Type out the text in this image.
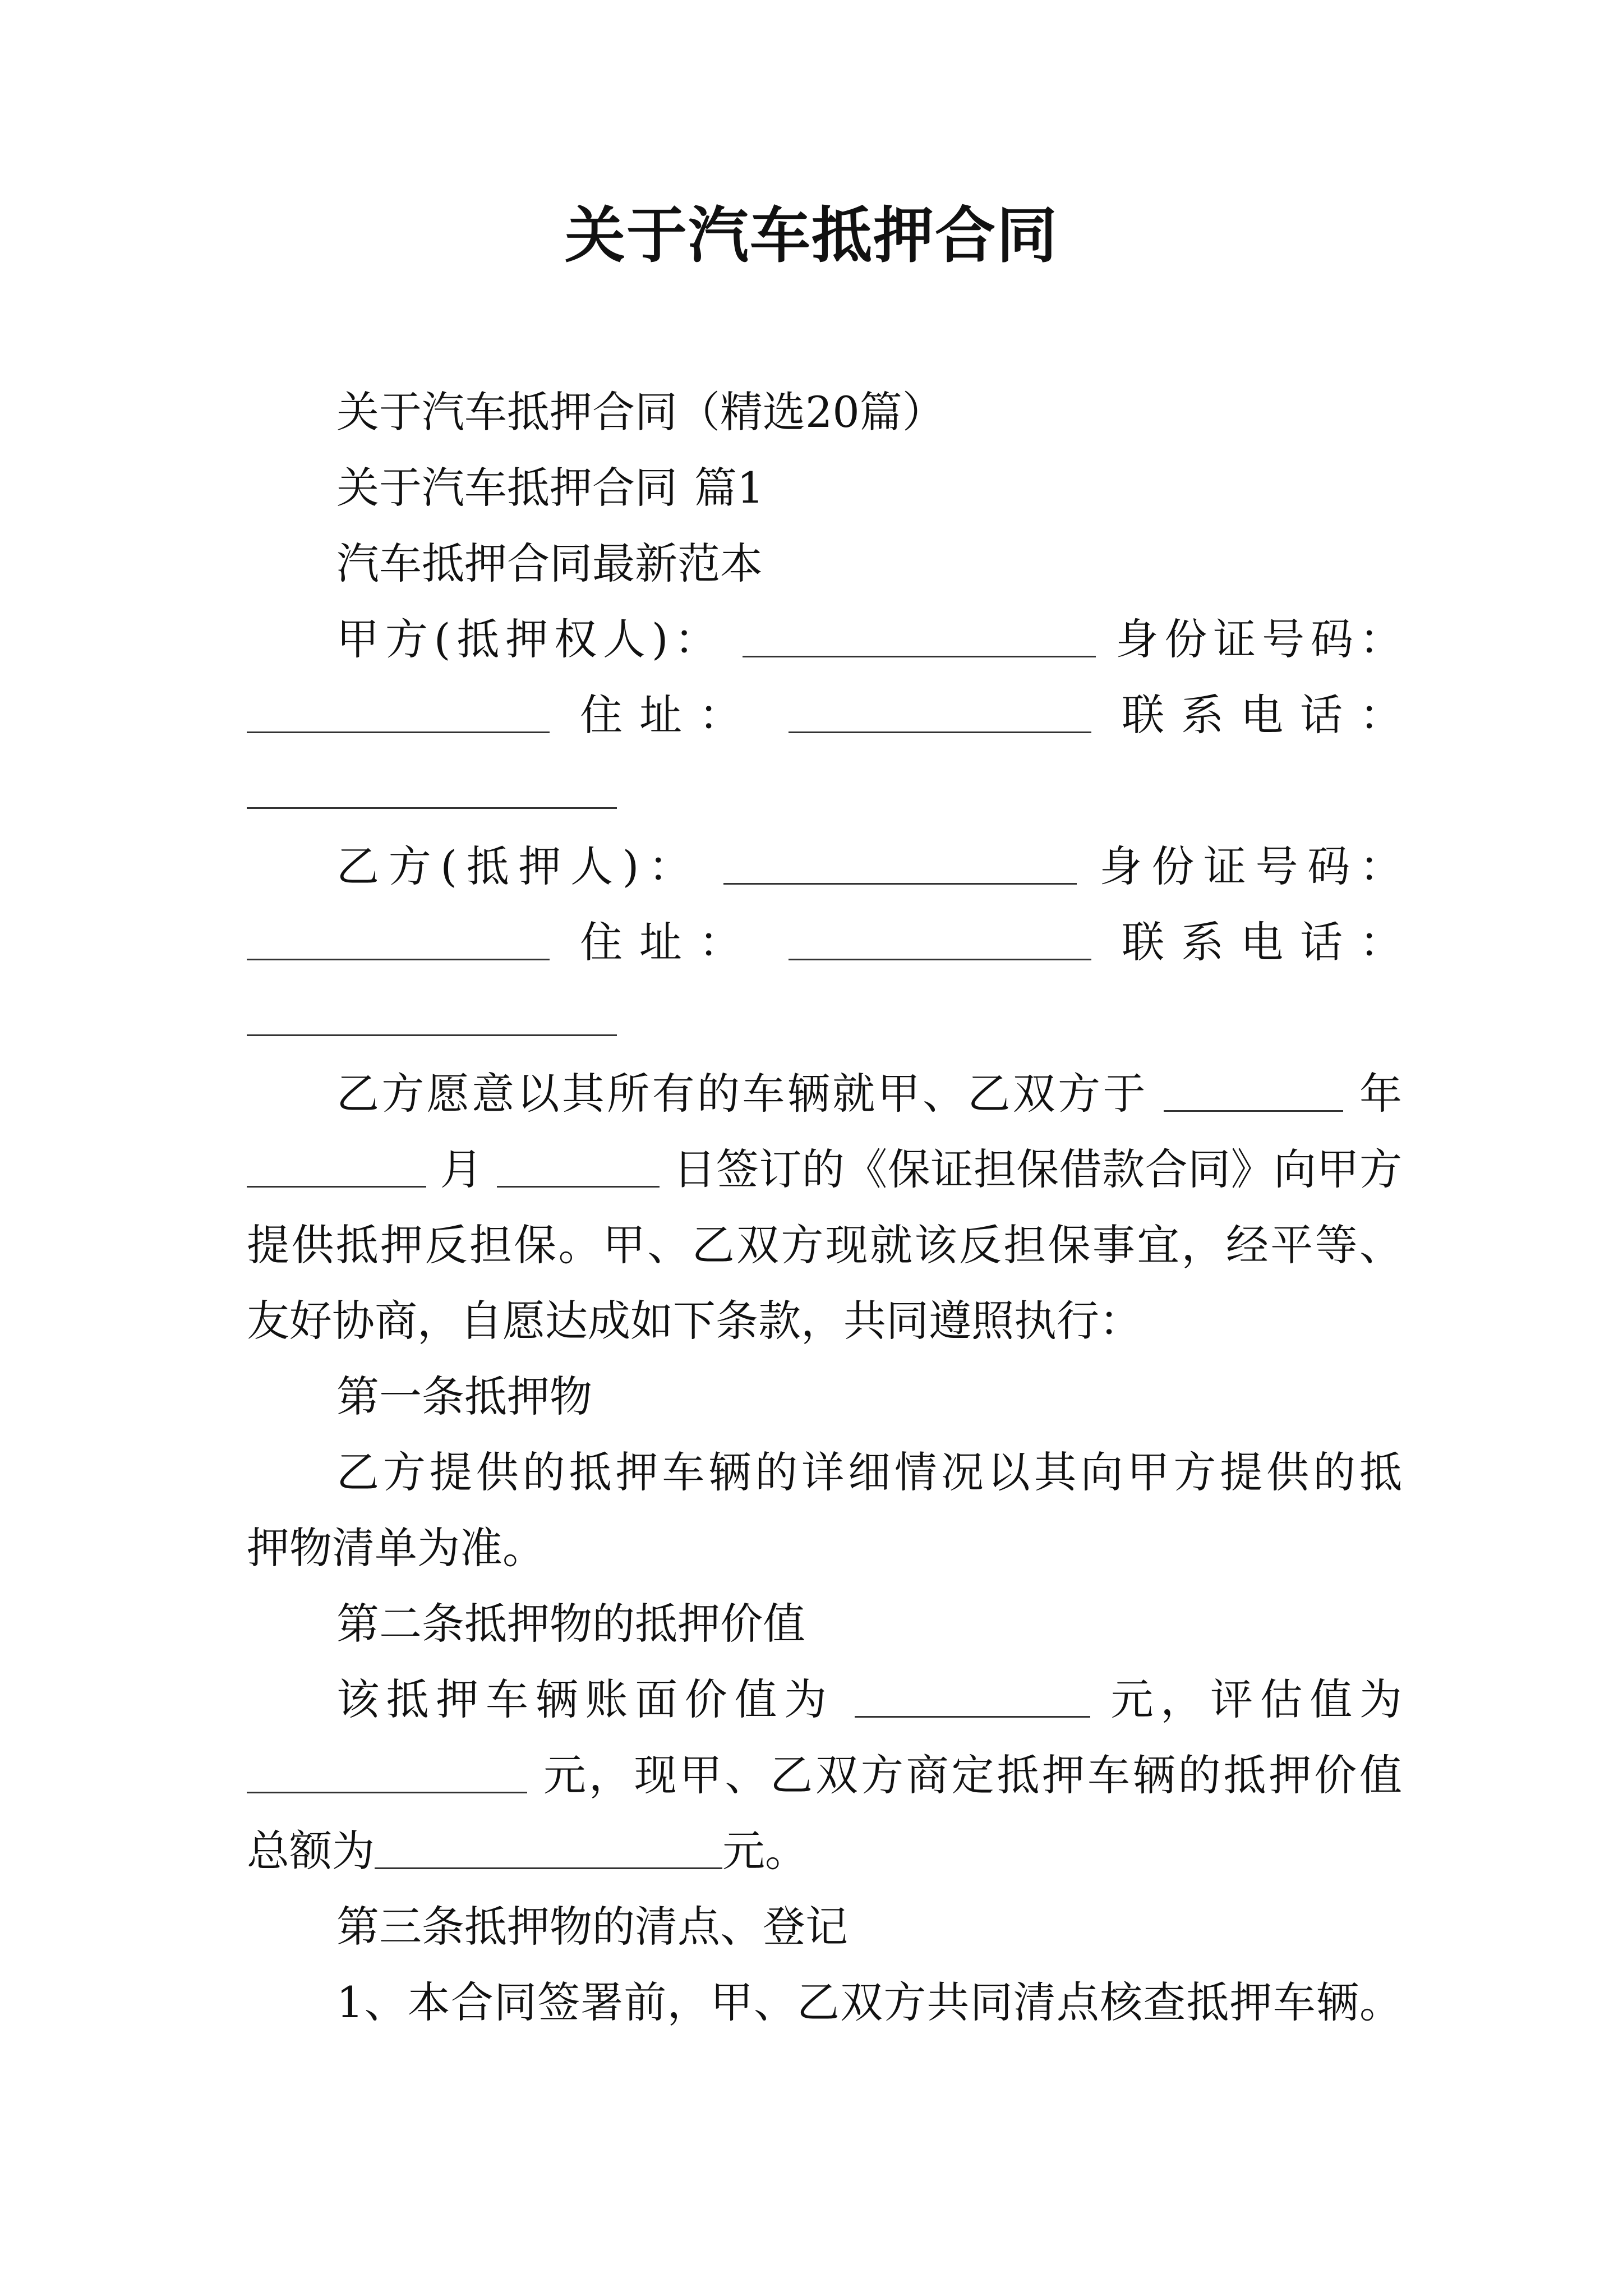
关于汽车抵押合同
关于汽车抵押合同（精选20篇）
关于汽车抵押合同 篇1
汽车抵押合同最新范本
甲方(抵押权人)：	身份证号码：
住址：	联系电话：
乙方(抵押人)：	身份证号码：
住址：	联系电话：
乙方愿意以其所有的车辆就甲、乙双方于	年
月	日签订的《保证担保借款合同》向甲方
提供抵押反担保。甲、乙双方现就该反担保事宜，经平等、
友好协商，自愿达成如下条款，共同遵照执行：
第一条抵押物
乙方提供的抵押车辆的详细情况以其向甲方提供的抵
押物清单为准。
第二条抵押物的抵押价值
该抵押车辆账面价值为	元，评估值为
元，现甲、乙双方商定抵押车辆的抵押价值
总额为	元。
第三条抵押物的清点、登记
1、本合同签署前，甲、乙双方共同清点核查抵押车辆。
